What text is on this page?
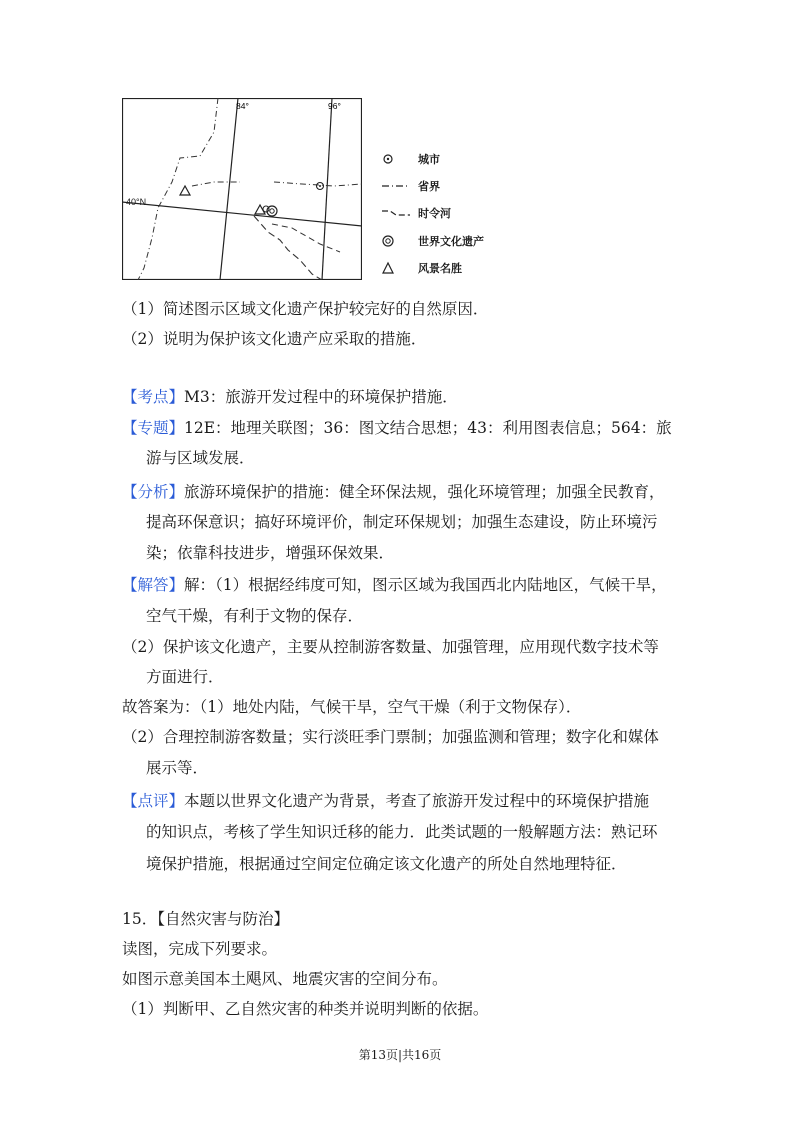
84°	96°
40°N
城市
省界
时令河
世界文化遗产
风景名胜
（1）简述图示区域文化遗产保护较完好的自然原因．
（2）说明为保护该文化遗产应采取的措施．
【考点】M3：旅游开发过程中的环境保护措施．
【专题】12E：地理关联图；36：图文结合思想；43：利用图表信息；564：旅
游与区域发展．
【分析】旅游环境保护的措施：健全环保法规，强化环境管理；加强全民教育，
提高环保意识；搞好环境评价，制定环保规划；加强生态建设，防止环境污
染；依靠科技进步，增强环保效果．
【解答】解：（1）根据经纬度可知，图示区域为我国西北内陆地区，气候干旱，
空气干燥，有利于文物的保存．
（2）保护该文化遗产，主要从控制游客数量、加强管理，应用现代数字技术等
方面进行．
故答案为：（1）地处内陆，气候干旱，空气干燥（利于文物保存）．
（2）合理控制游客数量；实行淡旺季门票制；加强监测和管理；数字化和媒体
展示等．
【点评】本题以世界文化遗产为背景，考查了旅游开发过程中的环境保护措施
的知识点，考核了学生知识迁移的能力．此类试题的一般解题方法：熟记环
境保护措施，根据通过空间定位确定该文化遗产的所处自然地理特征．
15．【自然灾害与防治】
读图，完成下列要求。
如图示意美国本土飓风、地震灾害的空间分布。
（1）判断甲、乙自然灾害的种类并说明判断的依据。
第13页|共16页
